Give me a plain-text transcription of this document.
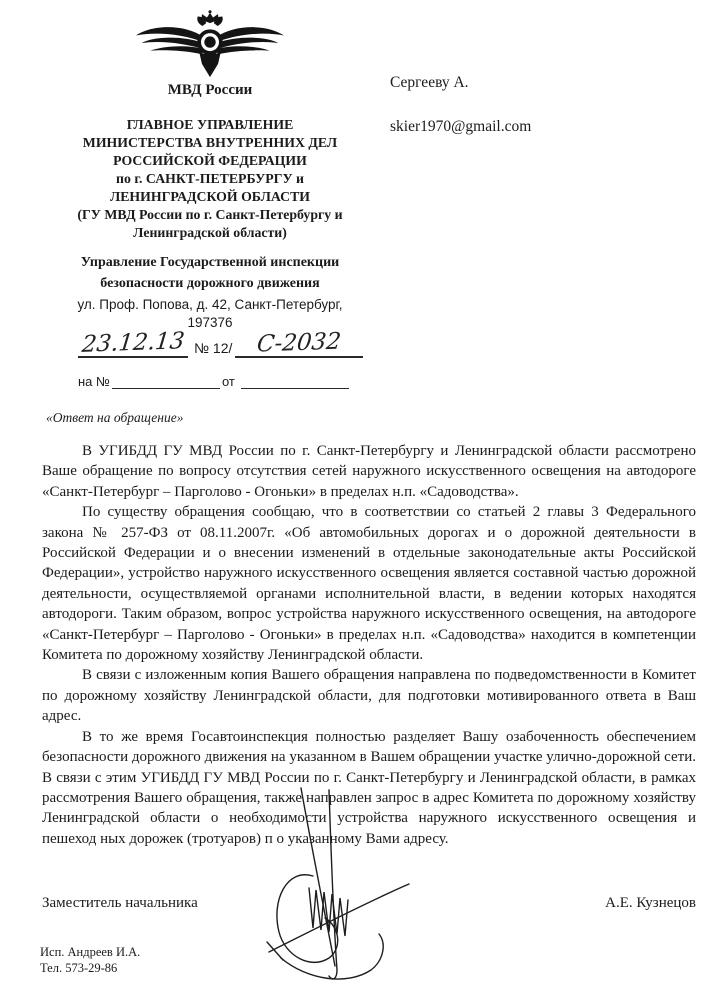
МВД России	Сергееву А.
skier1970@gmail.com
ГЛАВНОЕ УПРАВЛЕНИЕ
МИНИСТЕРСТВА ВНУТРЕННИХ ДЕЛ
РОССИЙСКОЙ ФЕДЕРАЦИИ
по г. САНКТ-ПЕТЕРБУРГУ и
ЛЕНИНГРАДСКОЙ ОБЛАСТИ
(ГУ МВД России по г. Санкт-Петербургу и
Ленинградской области)
Управление Государственной инспекции
безопасности дорожного движения
ул. Проф. Попова, д. 42, Санкт-Петербург,
197376
23.12.13 № 12/ С-2032
на №	от
«Ответ на обращение»

В УГИБДД ГУ МВД России по г. Санкт-Петербургу и Ленинградской области рассмотрено Ваше обращение по вопросу отсутствия сетей наружного искусственного освещения на автодороге «Санкт-Петербург – Парголово - Огоньки» в пределах н.п. «Садоводства».

По существу обращения сообщаю, что в соответствии со статьей 2 главы 3 Федерального закона № 257-ФЗ от 08.11.2007г. «Об автомобильных дорогах и о дорожной деятельности в Российской Федерации и о внесении изменений в отдельные законодательные акты Российской Федерации», устройство наружного искусственного освещения является составной частью дорожной деятельности, осуществляемой органами исполнительной власти, в ведении которых находятся автодороги. Таким образом, вопрос устройства наружного искусственного освещения, на автодороге «Санкт-Петербург – Парголово - Огоньки» в пределах н.п. «Садоводства» находится в компетенции Комитета по дорожному хозяйству Ленинградской области.

В связи с изложенным копия Вашего обращения направлена по подведомственности в Комитет по дорожному хозяйству Ленинградской области, для подготовки мотивированного ответа в Ваш адрес.

В то же время Госавтоинспекция полностью разделяет Вашу озабоченность обеспечением безопасности дорожного движения на указанном в Вашем обращении участке улично-дорожной сети. В связи с этим УГИБДД ГУ МВД России по г. Санкт-Петербургу и Ленинградской области, в рамках рассмотрения Вашего обращения, также направлен запрос в адрес Комитета по дорожному хозяйству Ленинградской области о необходимости устройства наружного искусственного освещения и пешеход ных дорожек (тротуаров) п о указанному Вами адресу.

Заместитель начальника	А.Е. Кузнецов
Исп. Андреев И.А.
Тел. 573-29-86
